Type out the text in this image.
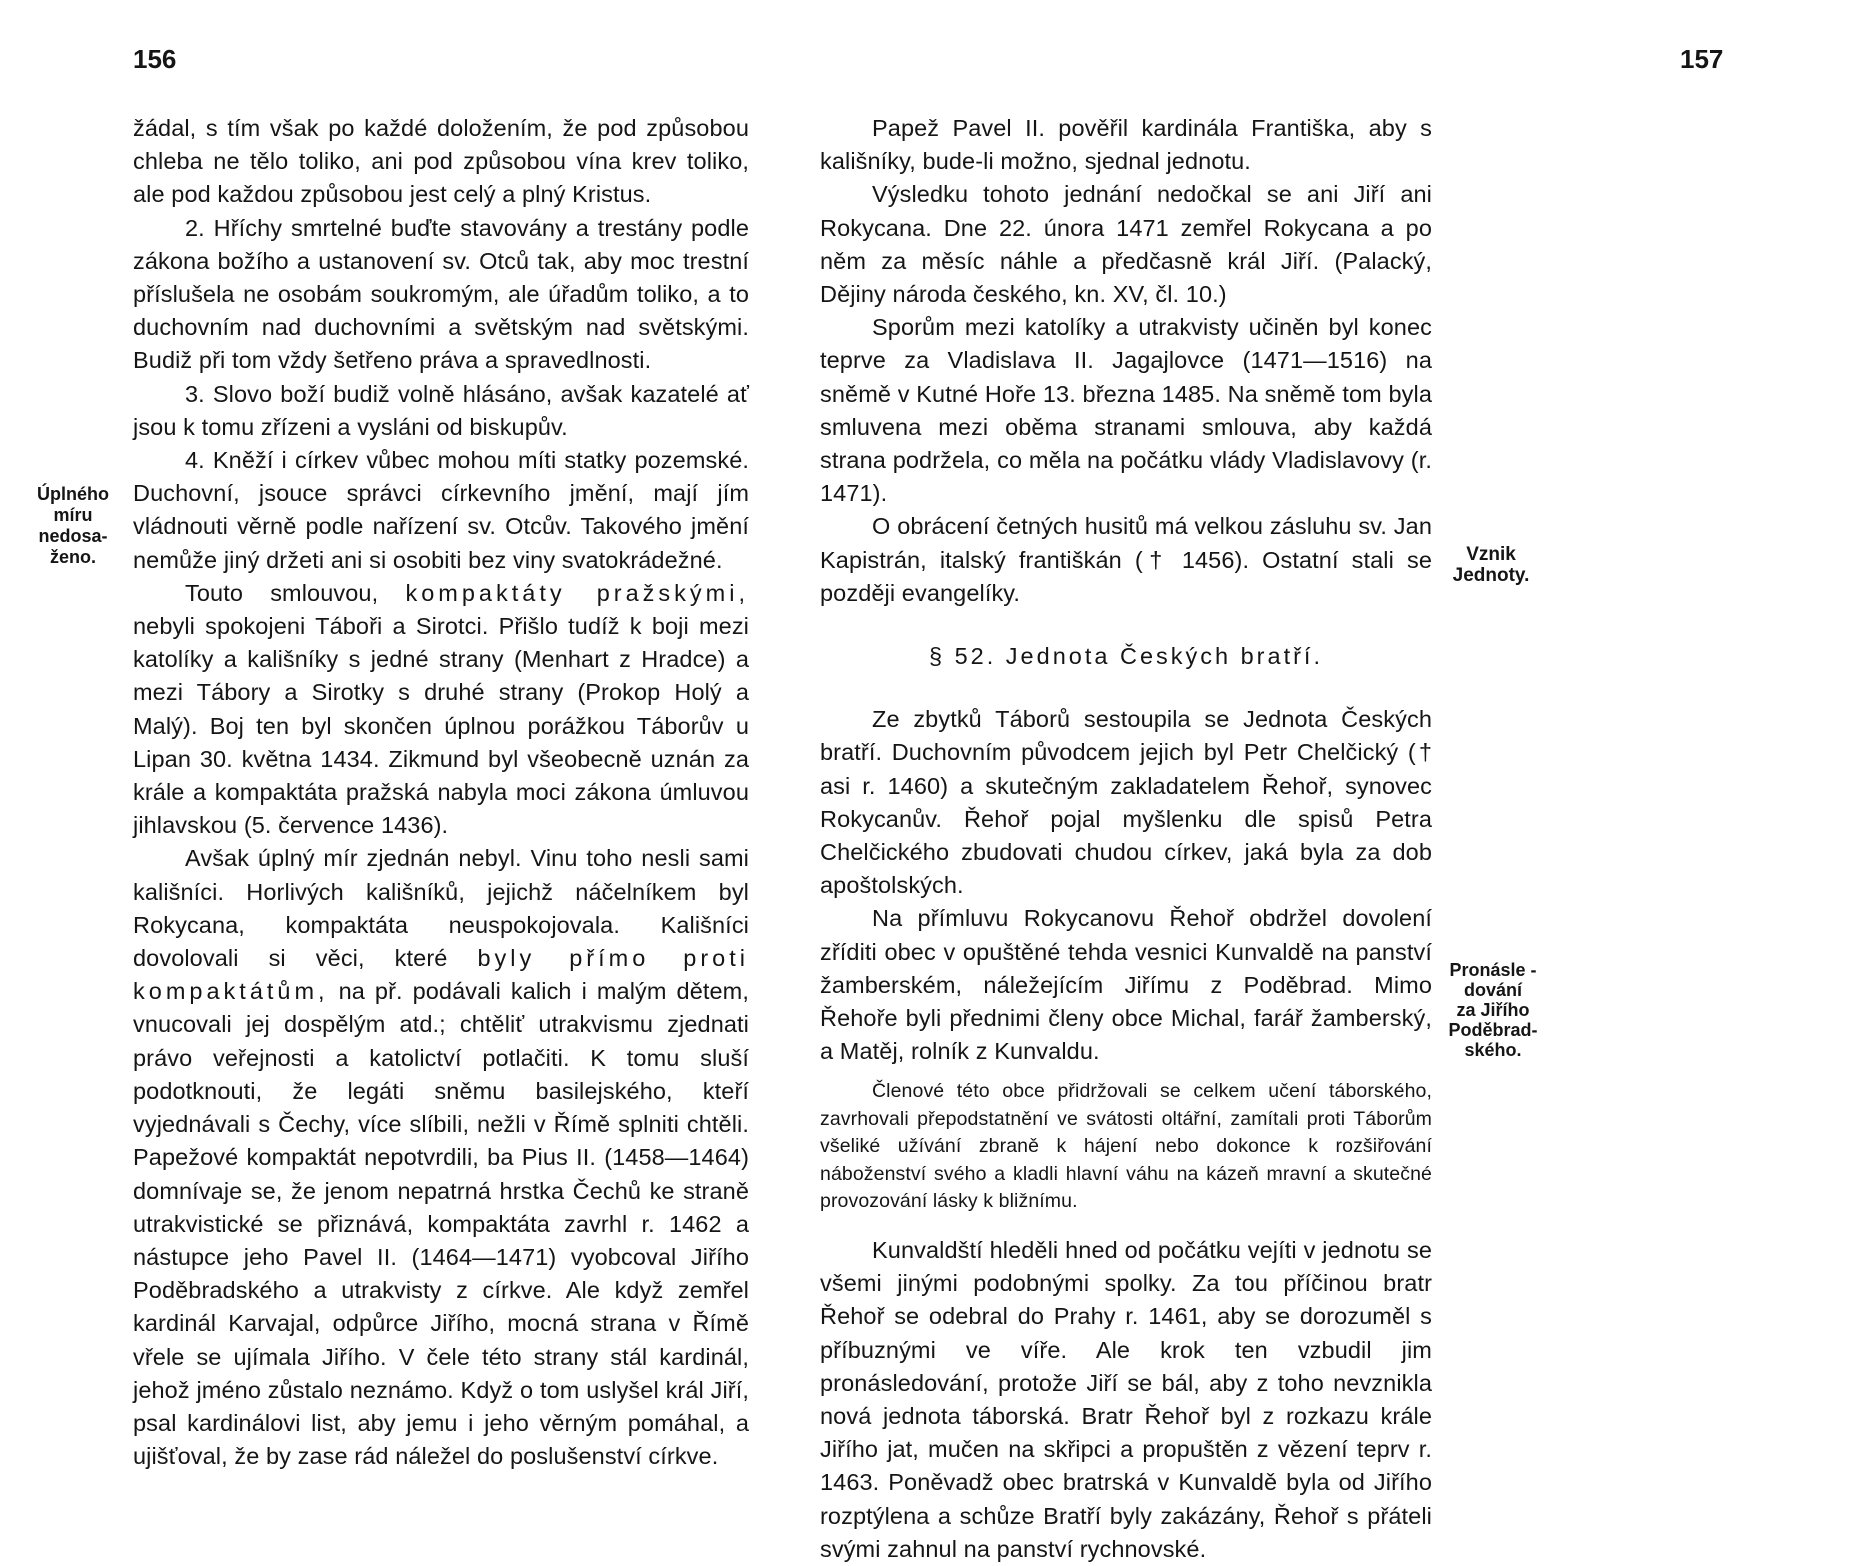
156
Úplného
míru
nedosa-
ženo.

žádal, s tím však po každé doložením, že pod způsobou chleba ne tělo toliko, ani pod způsobou vína krev toliko, ale pod každou způsobou jest celý a plný Kristus.

2. Hříchy smrtelné buďte stavovány a trestány podle zákona božího a ustanovení sv. Otců tak, aby moc trestní příslušela ne osobám soukromým, ale úřadům toliko, a to duchovním nad duchovními a světským nad světskými. Budiž při tom vždy šetřeno práva a spravedlnosti.

3. Slovo boží budiž volně hlásáno, avšak kazatelé ať jsou k tomu zřízeni a vysláni od biskupův.

4. Kněží i církev vůbec mohou míti statky pozemské. Duchovní, jsouce správci církevního jmění, mají jím vládnouti věrně podle nařízení sv. Otcův. Takového jmění nemůže jiný držeti ani si osobiti bez viny svatokrádežné.

Touto smlouvou, kompaktáty pražskými, nebyli spokojeni Táboři a Sirotci. Přišlo tudíž k boji mezi katolíky a kališníky s jedné strany (Menhart z Hradce) a mezi Tábory a Sirotky s druhé strany (Prokop Holý a Malý). Boj ten byl skončen úplnou porážkou Táborův u Lipan 30. května 1434. Zikmund byl všeobecně uznán za krále a kompaktáta pražská nabyla moci zákona úmluvou jihlavskou (5. července 1436).

Avšak úplný mír zjednán nebyl. Vinu toho nesli sami kališníci. Horlivých kališníků, jejichž náčelníkem byl Rokycana, kompaktáta neuspokojovala. Kališníci dovolovali si věci, které byly přímo proti kompaktátům, na př. podávali kalich i malým dětem, vnucovali jej dospělým atd.; chtěliť utrakvismu zjednati právo veřejnosti a katolictví potlačiti. K tomu sluší podotknouti, že legáti sněmu basilejského, kteří vyjednávali s Čechy, více slíbili, nežli v Římě splniti chtěli. Papežové kompaktát nepotvrdili, ba Pius II. (1458—1464) domnívaje se, že jenom nepatrná hrstka Čechů ke straně utrakvistické se přiznává, kompaktáta zavrhl r. 1462 a nástupce jeho Pavel II. (1464—1471) vyobcoval Jiřího Poděbradského a utrakvisty z církve. Ale když zemřel kardinál Karvajal, odpůrce Jiřího, mocná strana v Římě vřele se ujímala Jiřího. V čele této strany stál kardinál, jehož jméno zůstalo neznámo. Když o tom uslyšel král Jiří, psal kardinálovi list, aby jemu i jeho věrným pomáhal, a ujišťoval, že by zase rád náležel do poslušenství církve.

157

Papež Pavel II. pověřil kardinála Františka, aby s kališníky, bude-li možno, sjednal jednotu.

Výsledku tohoto jednání nedočkal se ani Jiří ani Rokycana. Dne 22. února 1471 zemřel Rokycana a po něm za měsíc náhle a předčasně král Jiří. (Palacký, Dějiny národa českého, kn. XV, čl. 10.)

Sporům mezi katolíky a utrakvisty učiněn byl konec teprve za Vladislava II. Jagajlovce (1471—1516) na sněmě v Kutné Hoře 13. března 1485. Na sněmě tom byla smluvena mezi oběma stranami smlouva, aby každá strana podržela, co měla na počátku vlády Vladislavovy (r. 1471).

O obrácení četných husitů má velkou zásluhu sv. Jan Kapistrán, italský františkán († 1456). Ostatní stali se později evangelíky.

§ 52. Jednota Českých bratří.

Ze zbytků Táborů sestoupila se Jednota Českých bratří. Duchovním původcem jejich byl Petr Chelčický († asi r. 1460) a skutečným zakladatelem Řehoř, synovec Rokycanův. Řehoř pojal myšlenku dle spisů Petra Chelčického zbudovati chudou církev, jaká byla za dob apoštolských.

Na přímluvu Rokycanovu Řehoř obdržel dovolení zříditi obec v opuštěné tehda vesnici Kunvaldě na panství žamberském, náležejícím Jiřímu z Poděbrad. Mimo Řehoře byli přednimi členy obce Michal, farář žamberský, a Matěj, rolník z Kunvaldu.

Členové této obce přidržovali se celkem učení táborského, zavrhovali přepodstatnění ve svátosti oltářní, zamítali proti Táborům všeliké užívání zbraně k hájení nebo dokonce k rozšiřování náboženství svého a kladli hlavní váhu na kázeň mravní a skutečné provozování lásky k bližnímu.

Kunvaldští hleděli hned od počátku vejíti v jednotu se všemi jinými podobnými spolky. Za tou příčinou bratr Řehoř se odebral do Prahy r. 1461, aby se dorozuměl s příbuznými ve víře. Ale krok ten vzbudil jim pronásledování, protože Jiří se bál, aby z toho nevznikla nová jednota táborská. Bratr Řehoř byl z rozkazu krále Jiřího jat, mučen na skřipci a propuštěn z vězení teprv r. 1463. Poněvadž obec bratrská v Kunvaldě byla od Jiřího rozptýlena a schůze Bratří byly zakázány, Řehoř s přáteli svými zahnul na panství rychnovské.

Vznik
Jednoty.
Pronásle -
dování
za Jiřího
Poděbrad-
ského.
